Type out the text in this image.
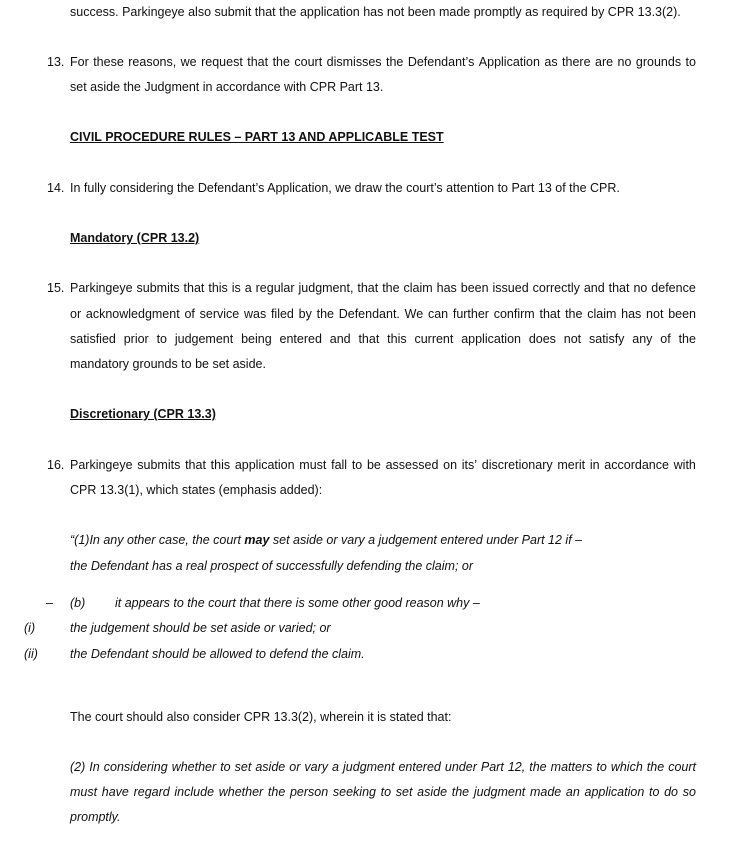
success. Parkingeye also submit that the application has not been made promptly as required by CPR 13.3(2).
13. For these reasons, we request that the court dismisses the Defendant’s Application as there are no grounds to
set aside the Judgment in accordance with CPR Part 13.
CIVIL PROCEDURE RULES – PART 13 AND APPLICABLE TEST
14. In fully considering the Defendant’s Application, we draw the court’s attention to Part 13 of the CPR.
Mandatory (CPR 13.2)
15. Parkingeye submits that this is a regular judgment, that the claim has been issued correctly and that no defence
or acknowledgment of service was filed by the Defendant. We can further confirm that the claim has not been
satisfied prior to judgement being entered and that this current application does not satisfy any of the
mandatory grounds to be set aside.
Discretionary (CPR 13.3)
16. Parkingeye submits that this application must fall to be assessed on its’ discretionary merit in accordance with
CPR 13.3(1), which states (emphasis added):
“(1)In any other case, the court may set aside or vary a judgement entered under Part 12 if –
the Defendant has a real prospect of successfully defending the claim; or
– (b) it appears to the court that there is some other good reason why –
(i)	the judgement should be set aside or varied; or
(ii)	the Defendant should be allowed to defend the claim.
The court should also consider CPR 13.3(2), wherein it is stated that:
(2) In considering whether to set aside or vary a judgment entered under Part 12, the matters to which the court
must have regard include whether the person seeking to set aside the judgment made an application to do so
promptly.
